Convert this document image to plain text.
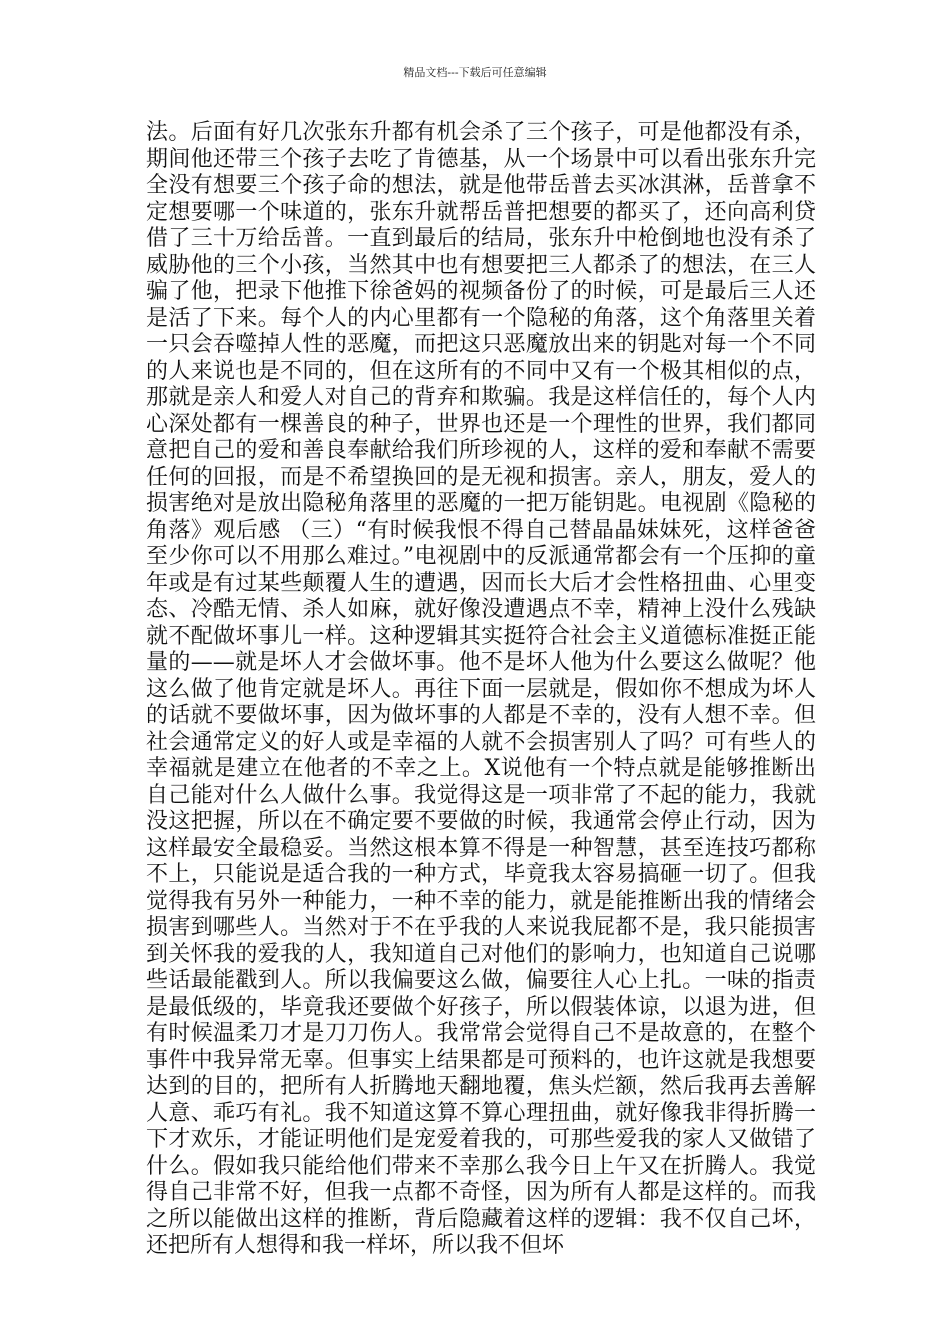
精品文档---下载后可任意编辑

法。后面有好几次张东升都有机会杀了三个孩子，可是他都没有杀，期间他还带三个孩子去吃了肯德基，从一个场景中可以看出张东升完全没有想要三个孩子命的想法，就是他带岳普去买冰淇淋，岳普拿不定想要哪一个味道的，张东升就帮岳普把想要的都买了，还向高利贷借了三十万给岳普。一直到最后的结局，张东升中枪倒地也没有杀了威胁他的三个小孩，当然其中也有想要把三人都杀了的想法，在三人骗了他，把录下他推下徐爸妈的视频备份了的时候，可是最后三人还是活了下来。每个人的内心里都有一个隐秘的角落，这个角落里关着一只会吞噬掉人性的恶魔，而把这只恶魔放出来的钥匙对每一个不同的人来说也是不同的，但在这所有的不同中又有一个极其相似的点，那就是亲人和爱人对自己的背弃和欺骗。我是这样信任的，每个人内心深处都有一棵善良的种子，世界也还是一个理性的世界，我们都同意把自己的爱和善良奉献给我们所珍视的人，这样的爱和奉献不需要任何的回报，而是不希望换回的是无视和损害。亲人，朋友，爱人的损害绝对是放出隐秘角落里的恶魔的一把万能钥匙。电视剧《隐秘的角落》观后感 （三）“有时候我恨不得自己替晶晶妹妹死，这样爸爸至少你可以不用那么难过。”电视剧中的反派通常都会有一个压抑的童年或是有过某些颠覆人生的遭遇，因而长大后才会性格扭曲、心里变态、冷酷无情、杀人如麻，就好像没遭遇点不幸，精神上没什么残缺就不配做坏事儿一样。这种逻辑其实挺符合社会主义道德标准挺正能量的——就是坏人才会做坏事。他不是坏人他为什么要这么做呢？他这么做了他肯定就是坏人。再往下面一层就是，假如你不想成为坏人的话就不要做坏事，因为做坏事的人都是不幸的，没有人想不幸。但社会通常定义的好人或是幸福的人就不会损害别人了吗？可有些人的幸福就是建立在他者的不幸之上。X说他有一个特点就是能够推断出自己能对什么人做什么事。我觉得这是一项非常了不起的能力，我就没这把握，所以在不确定要不要做的时候，我通常会停止行动，因为这样最安全最稳妥。当然这根本算不得是一种智慧，甚至连技巧都称不上，只能说是适合我的一种方式，毕竟我太容易搞砸一切了。但我觉得我有另外一种能力，一种不幸的能力，就是能推断出我的情绪会损害到哪些人。当然对于不在乎我的人来说我屁都不是，我只能损害到关怀我的爱我的人，我知道自己对他们的影响力，也知道自己说哪些话最能戳到人。所以我偏要这么做，偏要往人心上扎。一味的指责是最低级的，毕竟我还要做个好孩子，所以假装体谅，以退为进，但有时候温柔刀才是刀刀伤人。我常常会觉得自己不是故意的，在整个事件中我异常无辜。但事实上结果都是可预料的，也许这就是我想要达到的目的，把所有人折腾地天翻地覆，焦头烂额，然后我再去善解人意、乖巧有礼。我不知道这算不算心理扭曲，就好像我非得折腾一下才欢乐，才能证明他们是宠爱着我的，可那些爱我的家人又做错了什么。假如我只能给他们带来不幸那么我今日上午又在折腾人。我觉得自己非常不好，但我一点都不奇怪，因为所有人都是这样的。而我之所以能做出这样的推断，背后隐藏着这样的逻辑：我不仅自己坏，还把所有人想得和我一样坏，所以我不但坏
